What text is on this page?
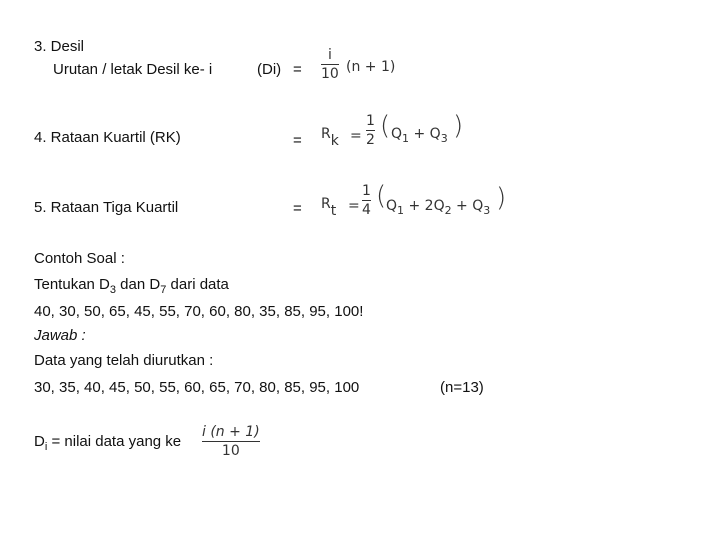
3. Desil
Urutan / letak Desil ke- i	(Di) =
i
10 (n + 1)
4. Rataan Kuartil (RK)	= $R_k$ =
1
2 ( $Q_1 + Q_3$ )
5. Rataan Tiga Kuartil	= $R_t$ =
1
4 ( $Q_1 + 2Q_2 + Q_3$ )
Contoh Soal :
Tentukan $D_3$ dan $D_7$ dari data
40, 30, 50, 65, 45, 55, 70, 60, 80, 35, 85, 95, 100!
Jawab :
Data yang telah diurutkan :
30, 35, 40, 45, 50, 55, 60, 65, 70, 80, 85, 95, 100	(n=13)
$D_i$ = nilai data yang ke
i (n + 1)
10
